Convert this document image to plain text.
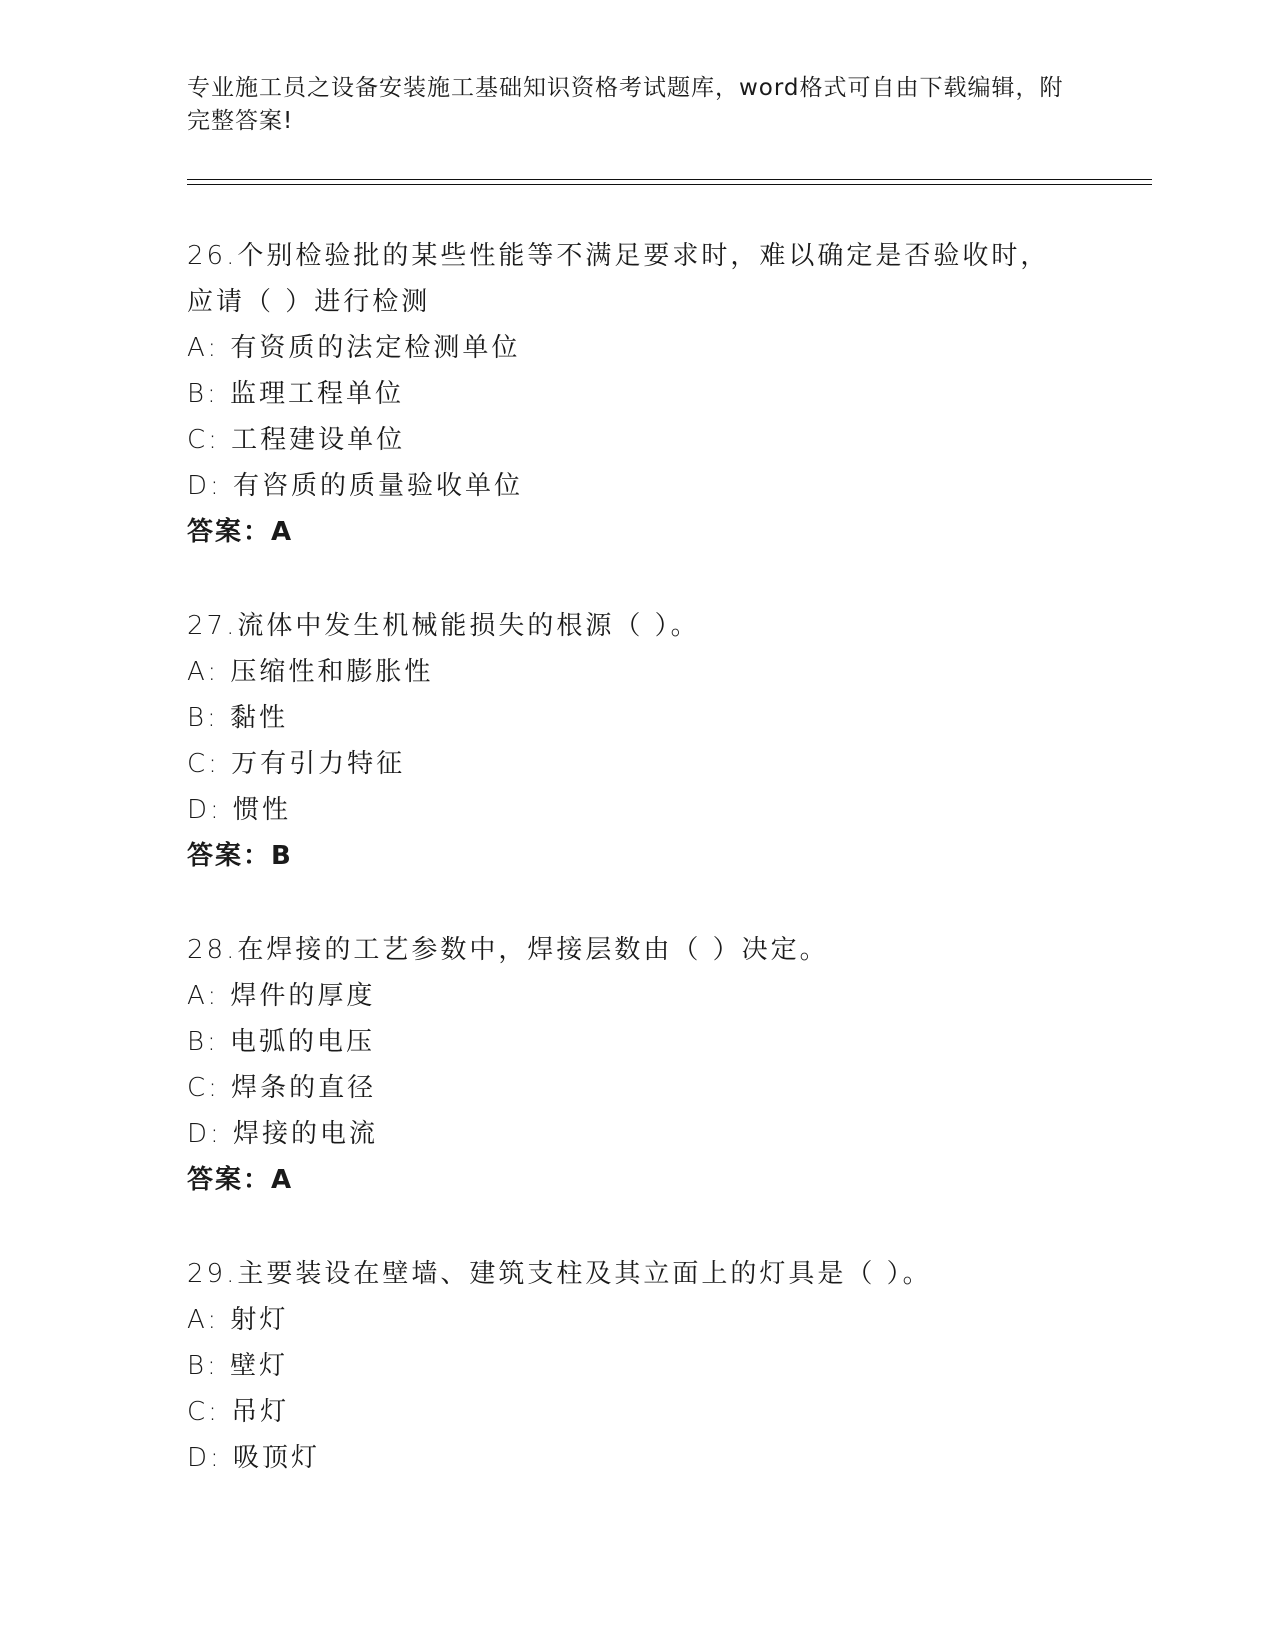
专业施工员之设备安装施工基础知识资格考试题库，word格式可自由下载编辑，附完整答案!
26.个别检验批的某些性能等不满足要求时，难以确定是否验收时，应请（ ）进行检测
A: 有资质的法定检测单位
B: 监理工程单位
C: 工程建设单位
D: 有咨质的质量验收单位
答案：A
27.流体中发生机械能损失的根源（ ）。
A: 压缩性和膨胀性
B: 黏性
C: 万有引力特征
D: 惯性
答案：B
28.在焊接的工艺参数中，焊接层数由（ ）决定。
A: 焊件的厚度
B: 电弧的电压
C: 焊条的直径
D: 焊接的电流
答案：A
29.主要装设在壁墙、建筑支柱及其立面上的灯具是（ ）。
A: 射灯
B: 壁灯
C: 吊灯
D: 吸顶灯
